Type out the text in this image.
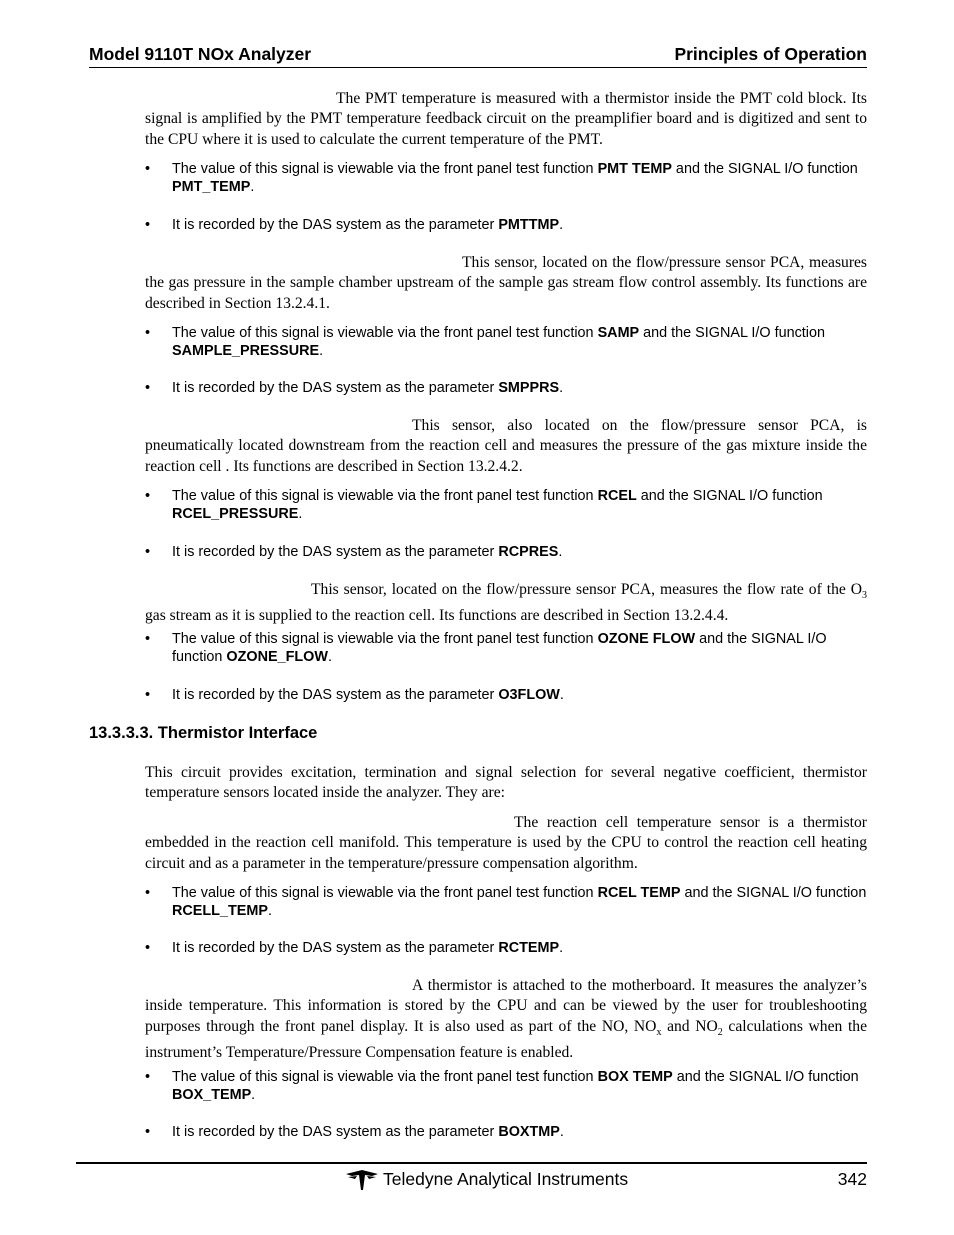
Model 9110T NOx Analyzer	Principles of Operation

The PMT temperature is measured with a thermistor inside the PMT cold block. Its signal is amplified by the PMT temperature feedback circuit on the preamplifier board and is digitized and sent to the CPU where it is used to calculate the current temperature of the PMT.

• The value of this signal is viewable via the front panel test function PMT TEMP and the SIGNAL I/O function PMT_TEMP.
• It is recorded by the DAS system as the parameter PMTTMP.

This sensor, located on the flow/pressure sensor PCA, measures the gas pressure in the sample chamber upstream of the sample gas stream flow control assembly. Its functions are described in Section 13.2.4.1.

• The value of this signal is viewable via the front panel test function SAMP and the SIGNAL I/O function SAMPLE_PRESSURE.
• It is recorded by the DAS system as the parameter SMPPRS.

This sensor, also located on the flow/pressure sensor PCA, is pneumatically located downstream from the reaction cell and measures the pressure of the gas mixture inside the reaction cell . Its functions are described in Section 13.2.4.2.

• The value of this signal is viewable via the front panel test function RCEL and the SIGNAL I/O function RCEL_PRESSURE.
• It is recorded by the DAS system as the parameter RCPRES.

This sensor, located on the flow/pressure sensor PCA, measures the flow rate of the $O_3$ gas stream as it is supplied to the reaction cell. Its functions are described in Section 13.2.4.4.

• The value of this signal is viewable via the front panel test function OZONE FLOW and the SIGNAL I/O function OZONE_FLOW.
• It is recorded by the DAS system as the parameter O3FLOW.
13.3.3.3. Thermistor Interface

This circuit provides excitation, termination and signal selection for several negative coefficient, thermistor temperature sensors located inside the analyzer. They are:

The reaction cell temperature sensor is a thermistor embedded in the reaction cell manifold. This temperature is used by the CPU to control the reaction cell heating circuit and as a parameter in the temperature/pressure compensation algorithm.

• The value of this signal is viewable via the front panel test function RCEL TEMP and the SIGNAL I/O function RCELL_TEMP.
• It is recorded by the DAS system as the parameter RCTEMP.

A thermistor is attached to the motherboard. It measures the analyzer’s inside temperature. This information is stored by the CPU and can be viewed by the user for troubleshooting purposes through the front panel display. It is also used as part of the NO, $NO_x$ and $NO_2$ calculations when the instrument’s Temperature/Pressure Compensation feature is enabled.

• The value of this signal is viewable via the front panel test function BOX TEMP and the SIGNAL I/O function BOX_TEMP.
• It is recorded by the DAS system as the parameter BOXTMP.
Teledyne Analytical Instruments	342
